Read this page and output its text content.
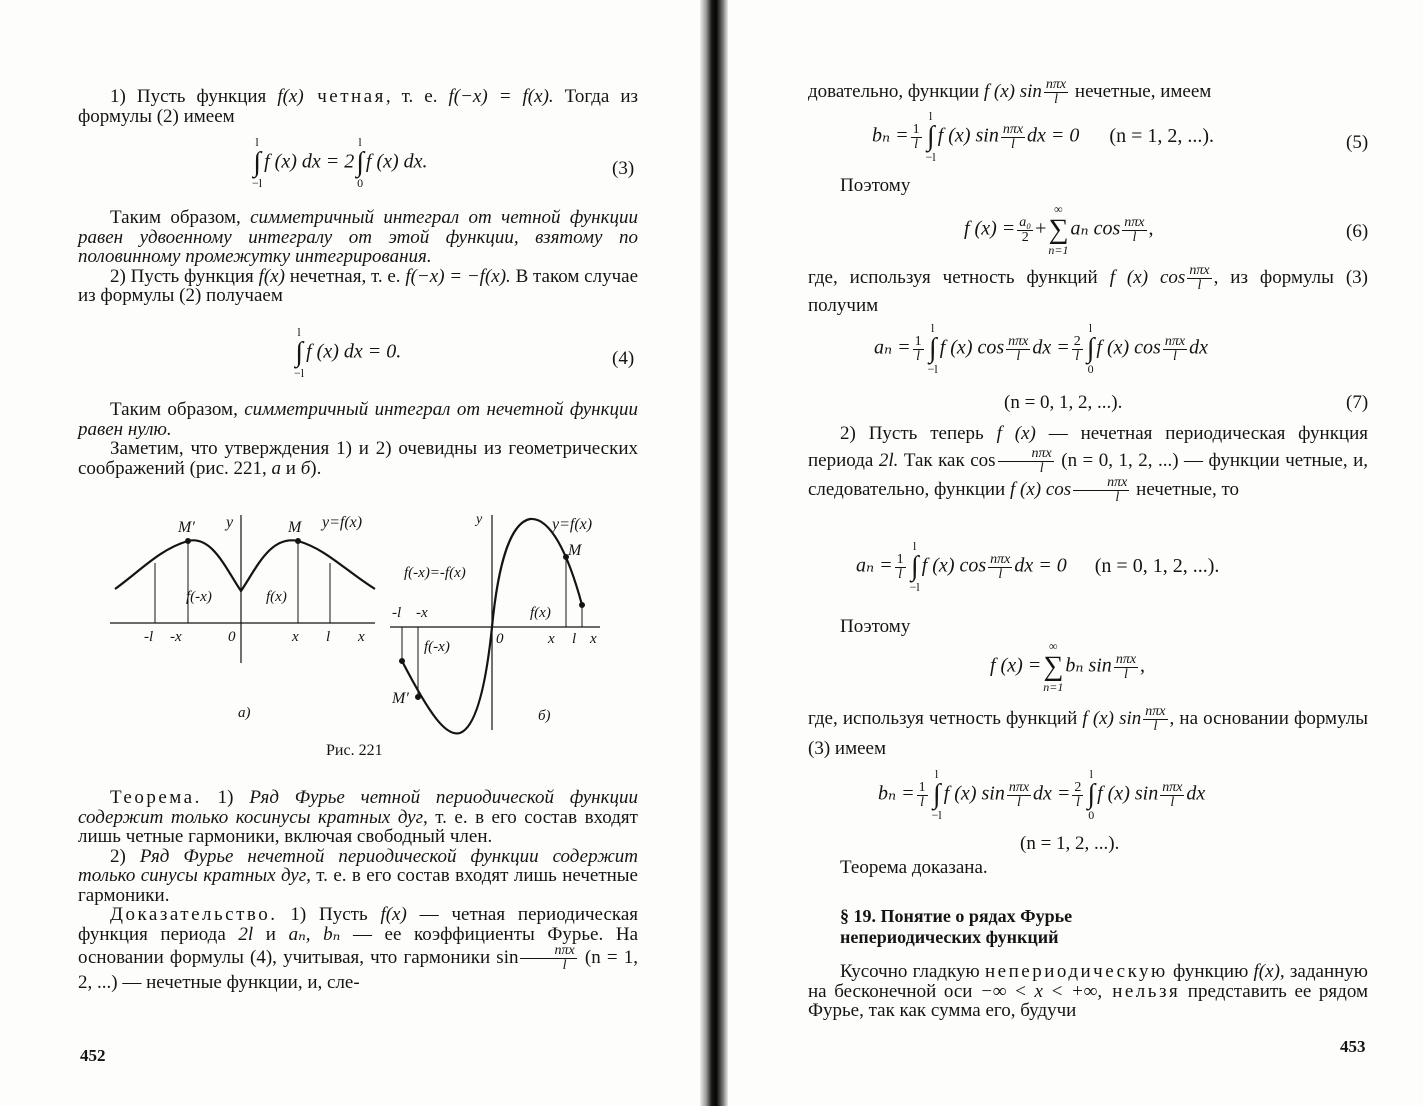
1) Пусть функция f(x) четная, т. е. f(−x) = f(x). Тогда из формулы (2) имеем

l
∫
−l
f (x) dx = 2
l
∫
0
f (x) dx.	(3)

Таким образом, симметричный интеграл от четной функции равен удвоенному интегралу от этой функции, взятому по половинному промежутку интегрирования.

2) Пусть функция f(x) нечетная, т. е. f(−x) = −f(x). В таком случае из формулы (2) получаем

l
∫
−l
f (x) dx = 0.	(4)

Таким образом, симметричный интеграл от нечетной функции равен нулю.

Заметим, что утверждения 1) и 2) очевидны из геометрических соображений (рис. 221, а и б).

M′ y	M y=f(x)
f(-x)	f(x)
-l -x	0	x l x
а)
y	y=f(x)
M
f(-x)=-f(x)
-l -x	f(x)
f(-x)	0	x l x
M′
б)
Рис. 221

Теорема. 1) Ряд Фурье четной периодической функции содержит только косинусы кратных дуг, т. е. в его состав входят лишь четные гармоники, включая свободный член.

2) Ряд Фурье нечетной периодической функции содержит только синусы кратных дуг, т. е. в его состав входят лишь нечетные гармоники.

Доказательство. 1) Пусть f(x) — четная периодическая функция периода 2l и aₙ, bₙ — ее коэффициенты Фурье. На основании формулы (4), учитывая, что гармоники $\sin \frac{\text{nπx}}{l} (n = 1$, 2, ...) — нечетные функции, и, сле-

452

довательно, функции f (x) $\sin \frac{\text{nπx}}{l}$ нечетные, имеем

$b_n = \frac{1}{l}$
l
∫
−l
f (x) $\sin \frac{\text{nπx}}{l}$ dx = 0 (n = 1, 2, ...).	(5)
Поэтому
f $(x) = \frac{\text{a₀}}{2}$ +
∞
∑
n=1
aₙ $\cos \frac{\text{nπx}}{l}$ ,	(6)

где, используя четность функций f (x) $\cos \frac{\text{nπx}}{l}$ , из формулы (3) получим

$a_n = \frac{1}{l}$
l
∫
−l
f (x) $\cos \frac{\text{nπx}}{l}$ dx = $\frac{2}{l}$
l
∫
0
f (x) $\cos \frac{\text{nπx}}{l}$ dx
(n = 0, 1, 2, ...).	(7)

2) Пусть теперь f (x) — нечетная периодическая функция периода 2l. Так как $\cos \frac{\text{nπx}}{l} (n = 0$, 1, 2, ...) — функции четные, и, следовательно, функции f (x) $\cos \frac{\text{nπx}}{l}$ нечетные, то

$a_n = \frac{1}{l}$
l
∫
−l
f (x) $\cos \frac{\text{nπx}}{l}$ dx = 0 (n = 0, 1, 2, ...).
Поэтому
f (x) =
∞
∑
n=1
bₙ $\sin \frac{\text{nπx}}{l}$ ,

где, используя четность функций f (x) $\sin \frac{\text{nπx}}{l}$ , на основании формулы (3) имеем

$b_n = \frac{1}{l}$
l
∫
−l
f (x) $\sin \frac{\text{nπx}}{l}$ dx = $\frac{2}{l}$
l
∫
0
f (x) $\sin \frac{\text{nπx}}{l}$ dx
(n = 1, 2, ...).
Теорема доказана.

§ 19. Понятие о рядах Фурье

непериодических функций

Кусочно гладкую непериодическую функцию f(x), заданную на бесконечной оси −∞ < x < +∞, нельзя представить ее рядом Фурье, так как сумма его, будучи

453
